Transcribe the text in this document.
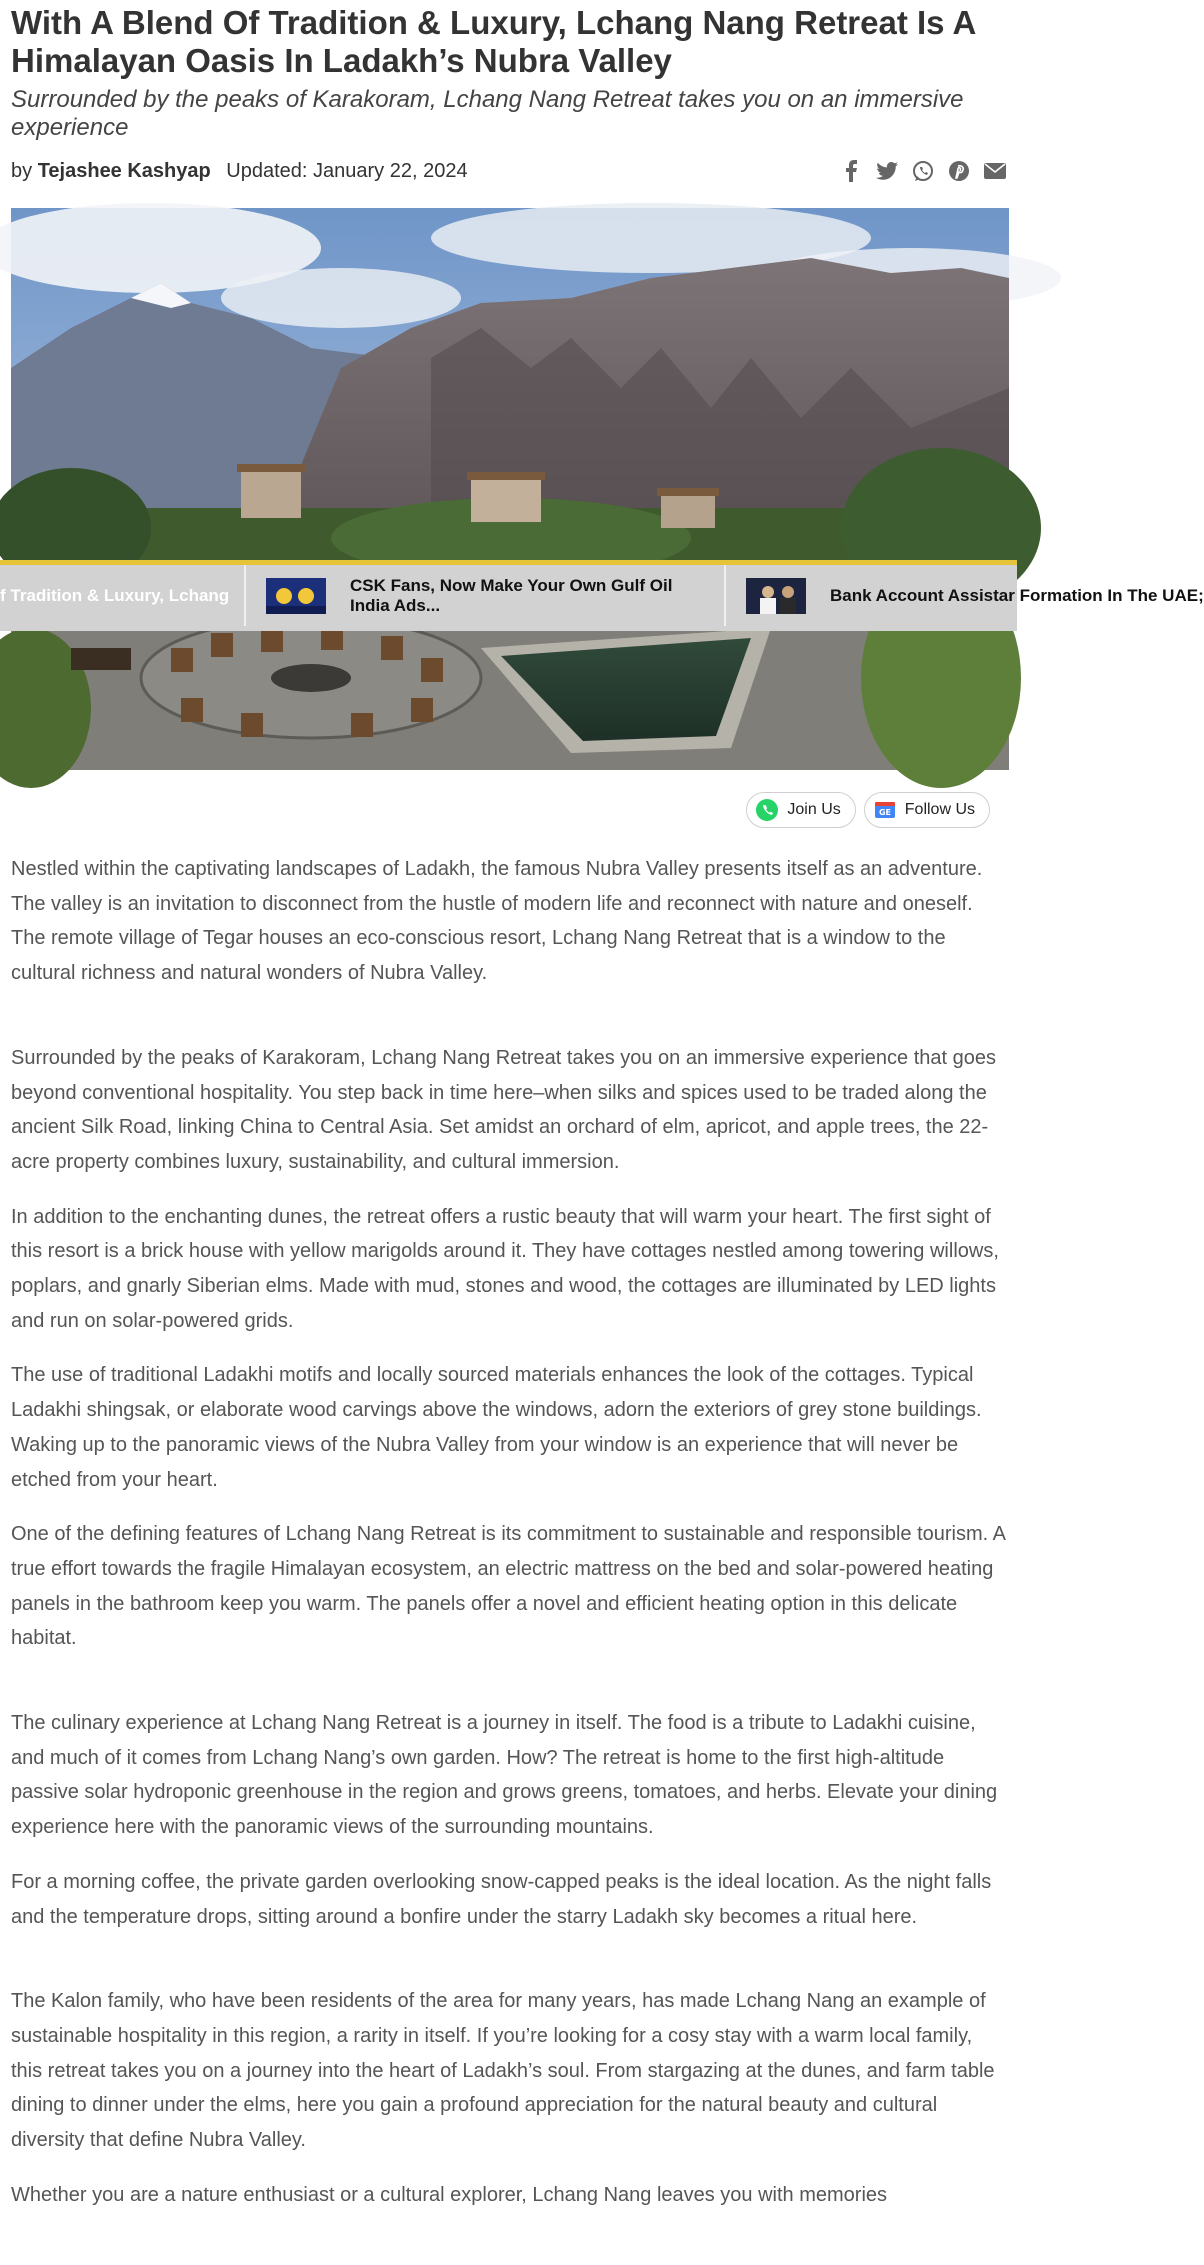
With A Blend Of Tradition & Luxury, Lchang Nang Retreat Is A Himalayan Oasis In Ladakh’s Nubra Valley
Surrounded by the peaks of Karakoram, Lchang Nang Retreat takes you on an immersive experience
by Tejashee Kashyap Updated: January 22, 2024
f Tradition & Luxury, Lchang
CSK Fans, Now Make Your Own Gulf Oil India Ads...
Bank Account Assistar Formation In The UAE;
Join Us	GE Follow Us

Nestled within the captivating landscapes of Ladakh, the famous Nubra Valley presents itself as an adventure. The valley is an invitation to disconnect from the hustle of modern life and reconnect with nature and oneself. The remote village of Tegar houses an eco-conscious resort, Lchang Nang Retreat that is a window to the cultural richness and natural wonders of Nubra Valley.

Surrounded by the peaks of Karakoram, Lchang Nang Retreat takes you on an immersive experience that goes beyond conventional hospitality. You step back in time here–when silks and spices used to be traded along the ancient Silk Road, linking China to Central Asia. Set amidst an orchard of elm, apricot, and apple trees, the 22-acre property combines luxury, sustainability, and cultural immersion.

In addition to the enchanting dunes, the retreat offers a rustic beauty that will warm your heart. The first sight of this resort is a brick house with yellow marigolds around it. They have cottages nestled among towering willows, poplars, and gnarly Siberian elms. Made with mud, stones and wood, the cottages are illuminated by LED lights and run on solar-powered grids.

The use of traditional Ladakhi motifs and locally sourced materials enhances the look of the cottages. Typical Ladakhi shingsak, or elaborate wood carvings above the windows, adorn the exteriors of grey stone buildings. Waking up to the panoramic views of the Nubra Valley from your window is an experience that will never be etched from your heart.

One of the defining features of Lchang Nang Retreat is its commitment to sustainable and responsible tourism. A true effort towards the fragile Himalayan ecosystem, an electric mattress on the bed and solar-powered heating panels in the bathroom keep you warm. The panels offer a novel and efficient heating option in this delicate habitat.

The culinary experience at Lchang Nang Retreat is a journey in itself. The food is a tribute to Ladakhi cuisine, and much of it comes from Lchang Nang’s own garden. How? The retreat is home to the first high-altitude passive solar hydroponic greenhouse in the region and grows greens, tomatoes, and herbs. Elevate your dining experience here with the panoramic views of the surrounding mountains.

For a morning coffee, the private garden overlooking snow-capped peaks is the ideal location. As the night falls and the temperature drops, sitting around a bonfire under the starry Ladakh sky becomes a ritual here.

The Kalon family, who have been residents of the area for many years, has made Lchang Nang an example of sustainable hospitality in this region, a rarity in itself. If you’re looking for a cosy stay with a warm local family, this retreat takes you on a journey into the heart of Ladakh’s soul. From stargazing at the dunes, and farm table dining to dinner under the elms, here you gain a profound appreciation for the natural beauty and cultural diversity that define Nubra Valley.

Whether you are a nature enthusiast or a cultural explorer, Lchang Nang leaves you with memories
